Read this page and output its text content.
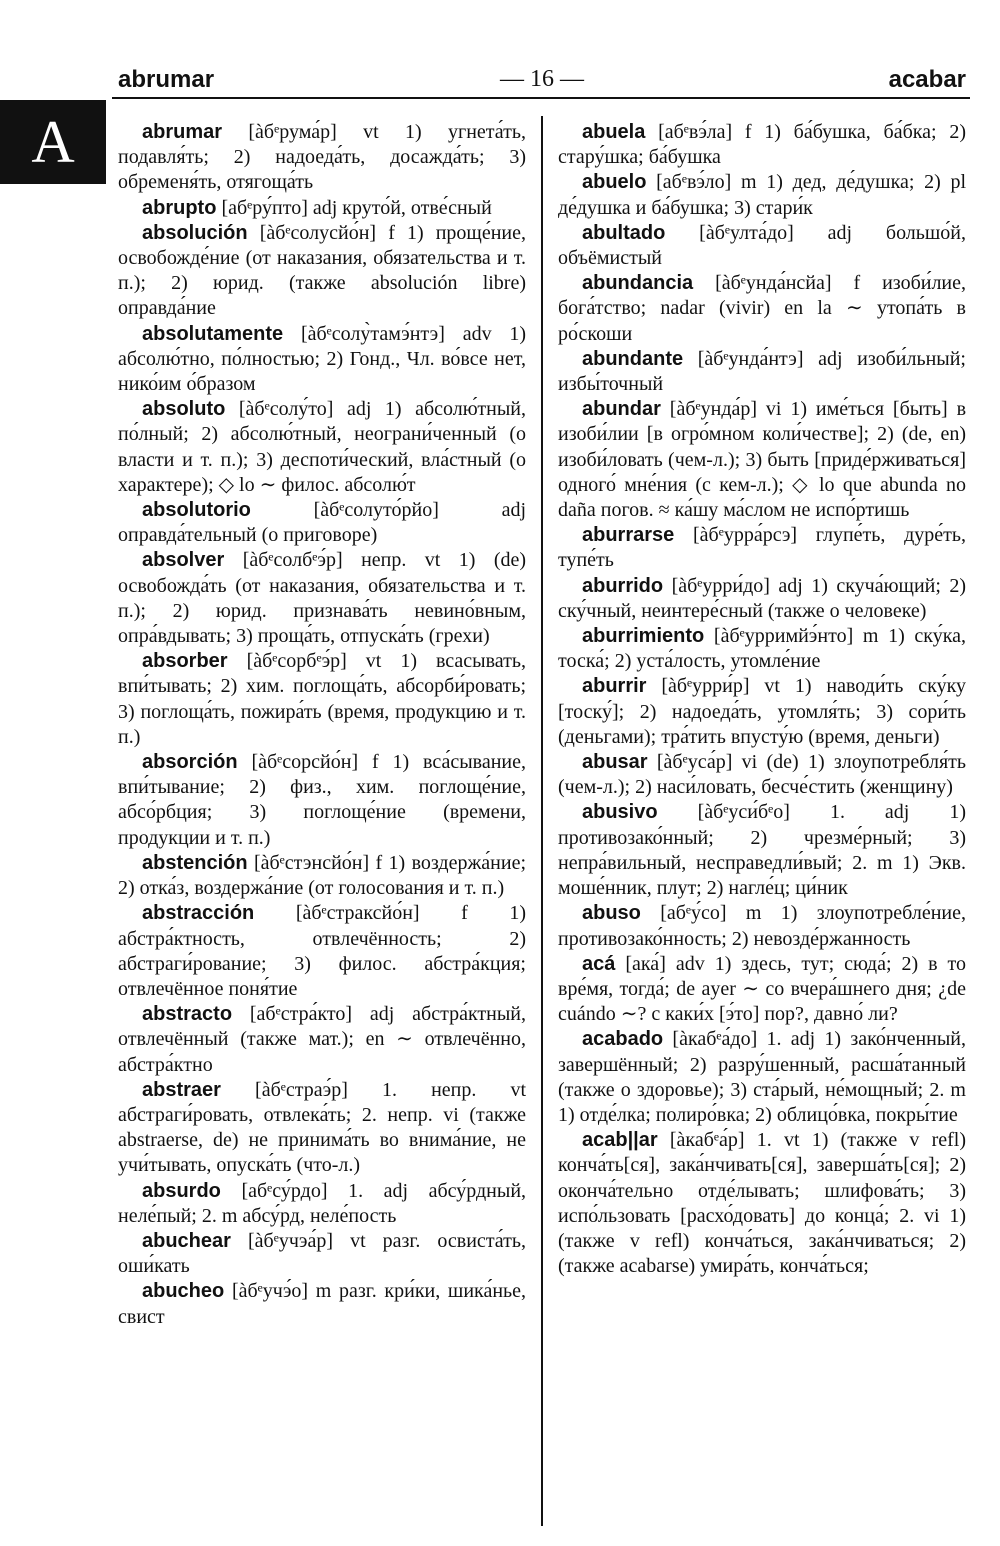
A
abrumar	— 16 —	acabar

abrumar [àбᵉрума́р] vt 1) угнета́ть, подавля́ть; 2) надоеда́ть, досажда́ть; 3) обременя́ть, отягоща́ть

abrupto [абᵉру́пто] adj круто́й, отве́сный

absolución [àбᵉсолусйо́н] f 1) проще́ние, освобожде́ние (от наказания, обязательства и т. п.); 2) юрид. (также absolución libre) оправда́ние

absolutamente [àбᵉсолу̀тамэ́нтэ] adv 1) абсолю́тно, по́лностью; 2) Гонд., Чл. во́все нет, нико́им о́бразом

absoluto [àбᵉсолу́то] adj 1) абсолю́тный, по́лный; 2) абсолю́тный, неограни́ченный (о власти и т. п.); 3) деспоти́ческий, вла́стный (о характере); ◇ lo ∼ филос. абсолю́т

absolutorio	[àбᵉсолуто́рйо]	adj оправда́тельный (о приговоре)

absolver [àбᵉсолбᵉэ́р] непр. vt 1) (de) освобожда́ть (от наказания, обязательства и т. п.); 2) юрид. признава́ть невино́вным, опра́вдывать; 3) проща́ть, отпуска́ть (грехи)

absorber [àбᵉсорбᵉэ́р] vt 1) всасывать, впи́тывать; 2) хим. поглоща́ть, абсорби́ровать; 3) поглоща́ть, пожира́ть (время, продукцию и т. п.)

absorción [àбᵉсорсйо́н] f 1) вса́сывание, впи́тывание; 2) физ., хим. поглоще́ние, абсо́рбция; 3) поглоще́ние (времени, продукции и т. п.)

abstención [àбᵉстэнсйо́н] f 1) воздержа́ние; 2) отка́з, воздержа́ние (от голосования и т. п.)

abstracción [àбᵉстраксйо́н] f 1) абстра́ктность, отвлечённость; 2) абстраги́рование; 3) филос. абстра́кция; отвлечённое поня́тие

abstracto [абᵉстра́кто] adj абстра́ктный, отвлечённый (также мат.); en ∼ отвлечённо, абстра́ктно

abstraer [àбᵉстраэ́р] 1. непр. vt абстраги́ровать, отвлека́ть; 2. непр. vi (также abstraerse, de) не принима́ть во внима́ние, не учи́тывать, опуска́ть (что-л.)

absurdo [абᵉсу́рдо] 1. adj абсу́рдный, неле́пый; 2. m абсу́рд, неле́пость

abuchear [àбᵉучэа́р] vt разг. освиста́ть, оши́кать

abucheo [àбᵉучэ́о] m разг. кри́ки, шика́нье, свист

abuela [абᵉвэ́ла] f 1) ба́бушка, ба́бка; 2) стару́шка; ба́бушка

abuelo [абᵉвэ́ло] m 1) дед, де́душка; 2) pl де́душка и ба́бушка; 3) стари́к

abultado [àбᵉулта́до] adj большо́й, объёмистый

abundancia [àбᵉунда́нсйа] f изоби́лие, бога́тство; nadar (vivir) en la ∼ утопа́ть в ро́скоши

abundante [àбᵉунда́нтэ] adj изоби́льный; избы́точный

abundar [àбᵉунда́р] vi 1) име́ться [быть] в изоби́лии [в огро́мном коли́честве]; 2) (de, en) изоби́ловать (чем-л.); 3) быть [приде́рживаться] одного́ мне́ния (с кем-л.); ◇ lo que abunda no daña погов. ≈ ка́шу ма́слом не испо́ртишь

aburrarse [àбᵉурра́рсэ] глупе́ть, дуре́ть, тупе́ть

aburrido [àбᵉурри́до] adj 1) скуча́ющий; 2) ску́чный, неинтере́сный (также о человеке)

aburrimiento [àбᵉурримйэ́нто] m 1) ску́ка, тоска́; 2) уста́лость, утомле́ние

aburrir [àбᵉурри́р] vt 1) наводи́ть ску́ку [тоску́]; 2) надоеда́ть, утомля́ть; 3) сори́ть (деньгами); тра́тить впусту́ю (время, деньги)

abusar [àбᵉуса́р] vi (de) 1) злоупотребля́ть (чем-л.); 2) наси́ловать, бесче́стить (женщину)

abusivo [àбᵉуси́бᵉо] 1. adj 1) противозако́нный; 2) чрезме́рный; 3) непра́вильный, несправедли́вый; 2. m 1) Экв. моше́нник, плут; 2) нагле́ц; ци́ник

abuso [абᵉу́со] m 1) злоупотребле́ние, противозако́нность; 2) невозде́ржанность

acá [ака́] adv 1) здесь, тут; сюда́; 2) в то вре́мя, тогда́; de ayer ∼ со вчера́шнего дня; ¿de cuándo ∼? с каки́х [э́то] пор?, давно́ ли?

acabado [àкабᵉа́до] 1. adj 1) зако́нченный, завершённый; 2) разру́шенный, расша́танный (также о здоровье); 3) ста́рый, не́мощный; 2. m 1) отде́лка; полиро́вка; 2) облицо́вка, покры́тие

acab||ar [àкабᵉа́р] 1. vt 1) (также v refl) конча́ть[ся], зака́нчивать[ся], заверша́ть[ся]; 2) оконча́тельно отде́лывать; шлифова́ть; 3) испо́льзовать [расхо́довать] до конца́; 2. vi 1) (также v refl) конча́ться, зака́нчиваться; 2) (также acabarse) умира́ть, конча́ться;
